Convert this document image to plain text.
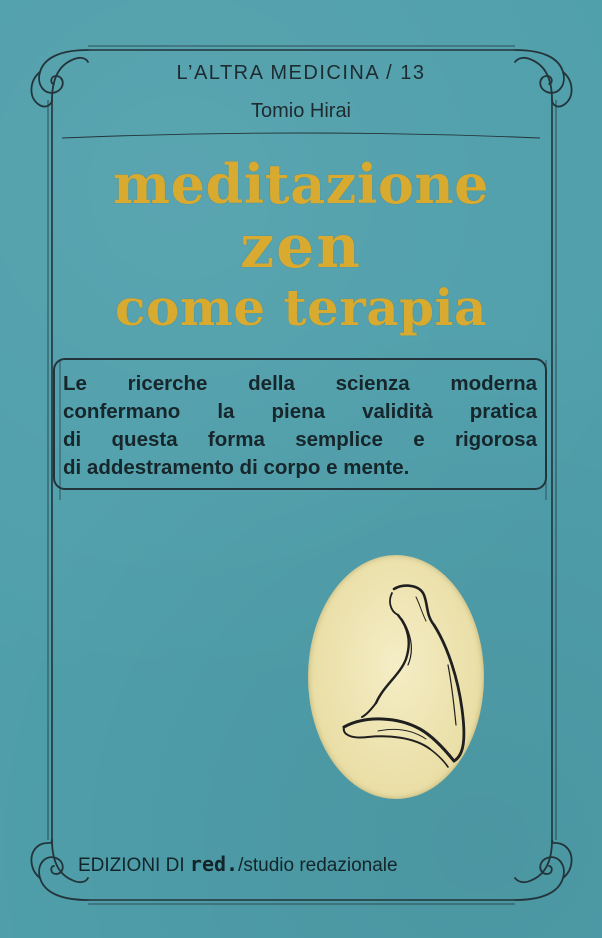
L’ALTRA MEDICINA / 13
Tomio Hirai
meditazione
zen
come terapia
Le ricerche della scienza moderna
confermano la piena validità pratica
di questa forma semplice e rigorosa
di addestramento di corpo e mente.
EDIZIONI DI red./studio redazionale
